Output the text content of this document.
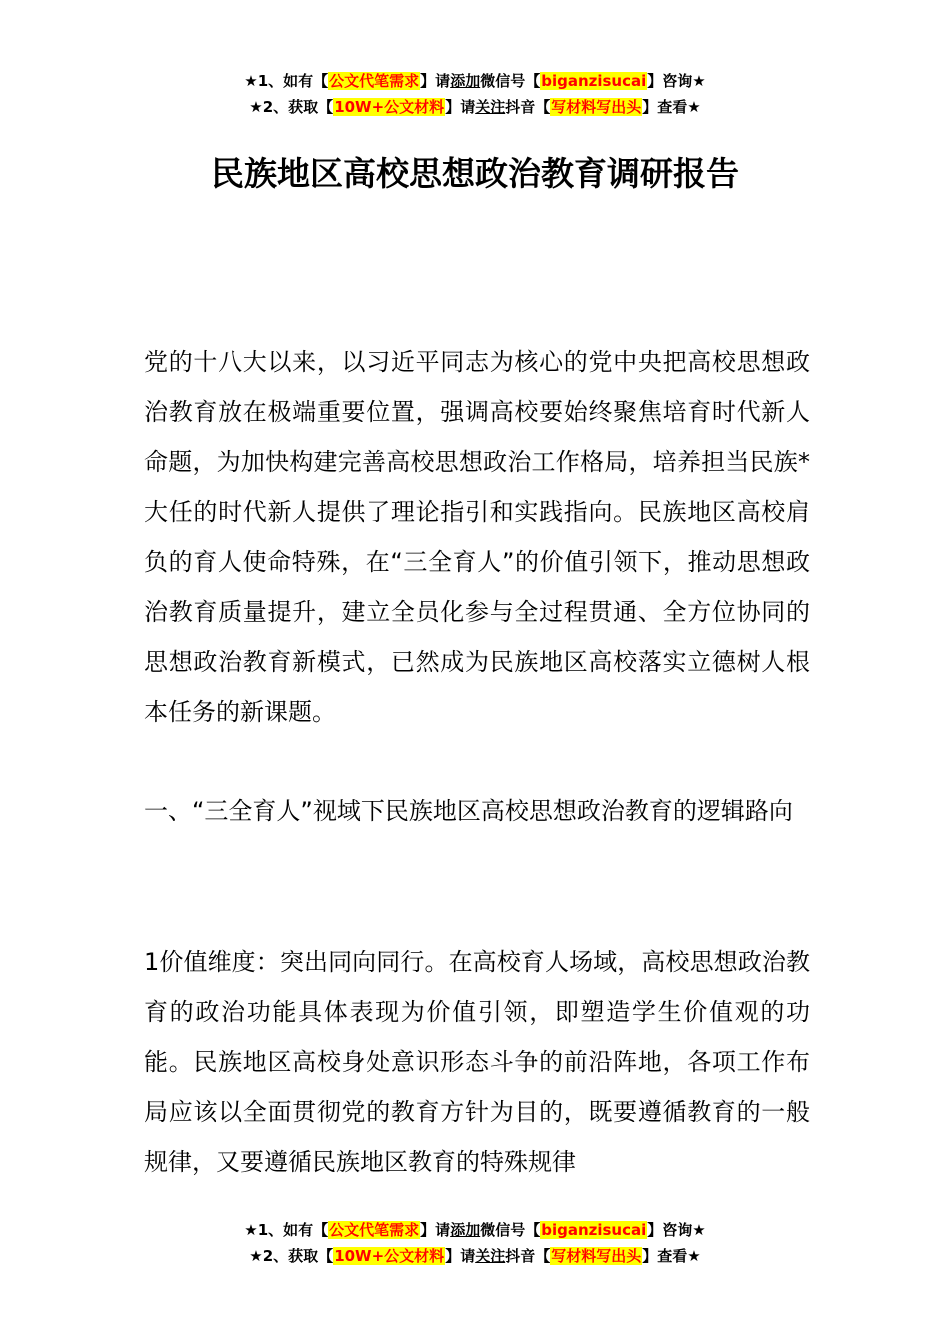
★1、如有【公文代笔需求】请添加微信号【biganzisucai】咨询★
★2、获取【10W+公文材料】请关注抖音【写材料写出头】查看★
民族地区高校思想政治教育调研报告
党的十八大以来，以习近平同志为核心的党中央把高校思想政治教育放在极端重要位置，强调高校要始终聚焦培育时代新人命题，为加快构建完善高校思想政治工作格局，培养担当民族*大任的时代新人提供了理论指引和实践指向。民族地区高校肩负的育人使命特殊，在“三全育人”的价值引领下，推动思想政治教育质量提升，建立全员化参与全过程贯通、全方位协同的思想政治教育新模式，已然成为民族地区高校落实立德树人根本任务的新课题。
一、“三全育人”视域下民族地区高校思想政治教育的逻辑路向
1价值维度：突出同向同行。在高校育人场域，高校思想政治教育的政治功能具体表现为价值引领，即塑造学生价值观的功能。民族地区高校身处意识形态斗争的前沿阵地，各项工作布局应该以全面贯彻党的教育方针为目的，既要遵循教育的一般规律，又要遵循民族地区教育的特殊规律
★1、如有【公文代笔需求】请添加微信号【biganzisucai】咨询★
★2、获取【10W+公文材料】请关注抖音【写材料写出头】查看★
